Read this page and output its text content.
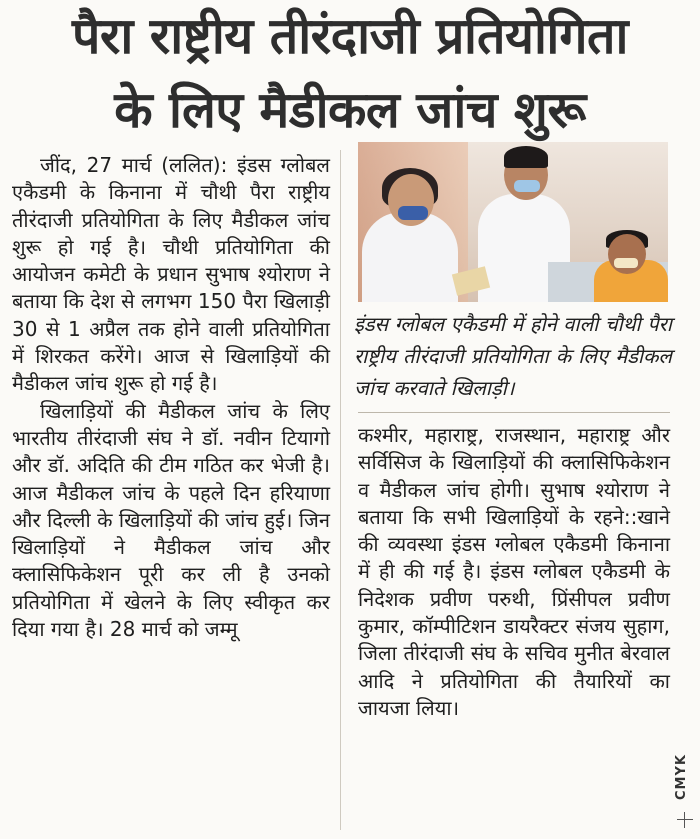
पैरा राष्ट्रीय तीरंदाजी प्रतियोगिता
के लिए मैडीकल जांच शुरू

जींद, 27 मार्च (ललित): इंडस ग्लोबल एकैडमी के किनाना में चौथी पैरा राष्ट्रीय तीरंदाजी प्रतियोगिता के लिए मैडीकल जांच शुरू हो गई है। चौथी प्रतियोगिता की आयोजन कमेटी के प्रधान सुभाष श्योराण ने बताया कि देश से लगभग 150 पैरा खिलाड़ी 30 से 1 अप्रैल तक होने वाली प्रतियोगिता में शिरकत करेंगे। आज से खिलाड़ियों की मैडीकल जांच शुरू हो गई है।

खिलाड़ियों की मैडीकल जांच के लिए भारतीय तीरंदाजी संघ ने डॉ. नवीन टियागो और डॉ. अदिति की टीम गठित कर भेजी है। आज मैडीकल जांच के पहले दिन हरियाणा और दिल्ली के खिलाड़ियों की जांच हुई। जिन खिलाड़ियों ने मैडीकल जांच और क्लासिफिकेशन पूरी कर ली है उनको प्रतियोगिता में खेलने के लिए स्वीकृत कर दिया गया है। 28 मार्च को जम्मू

इंडस ग्लोबल एकैडमी में होने वाली चौथी पैरा राष्ट्रीय तीरंदाजी प्रतियोगिता के लिए मैडीकल जांच करवाते खिलाड़ी।

कश्मीर, महाराष्ट्र, राजस्थान, महाराष्ट्र और सर्विसिज के खिलाड़ियों की क्लासिफिकेशन व मैडीकल जांच होगी। सुभाष श्योराण ने बताया कि सभी खिलाड़ियों के रहने::खाने की व्यवस्था इंडस ग्लोबल एकैडमी किनाना में ही की गई है। इंडस ग्लोबल एकैडमी के निदेशक प्रवीण परुथी, प्रिंसीपल प्रवीण कुमार, कॉम्पीटिशन डायरैक्टर संजय सुहाग, जिला तीरंदाजी संघ के सचिव मुनीत बेरवाल आदि ने प्रतियोगिता की तैयारियों का जायजा लिया।

CMYK
